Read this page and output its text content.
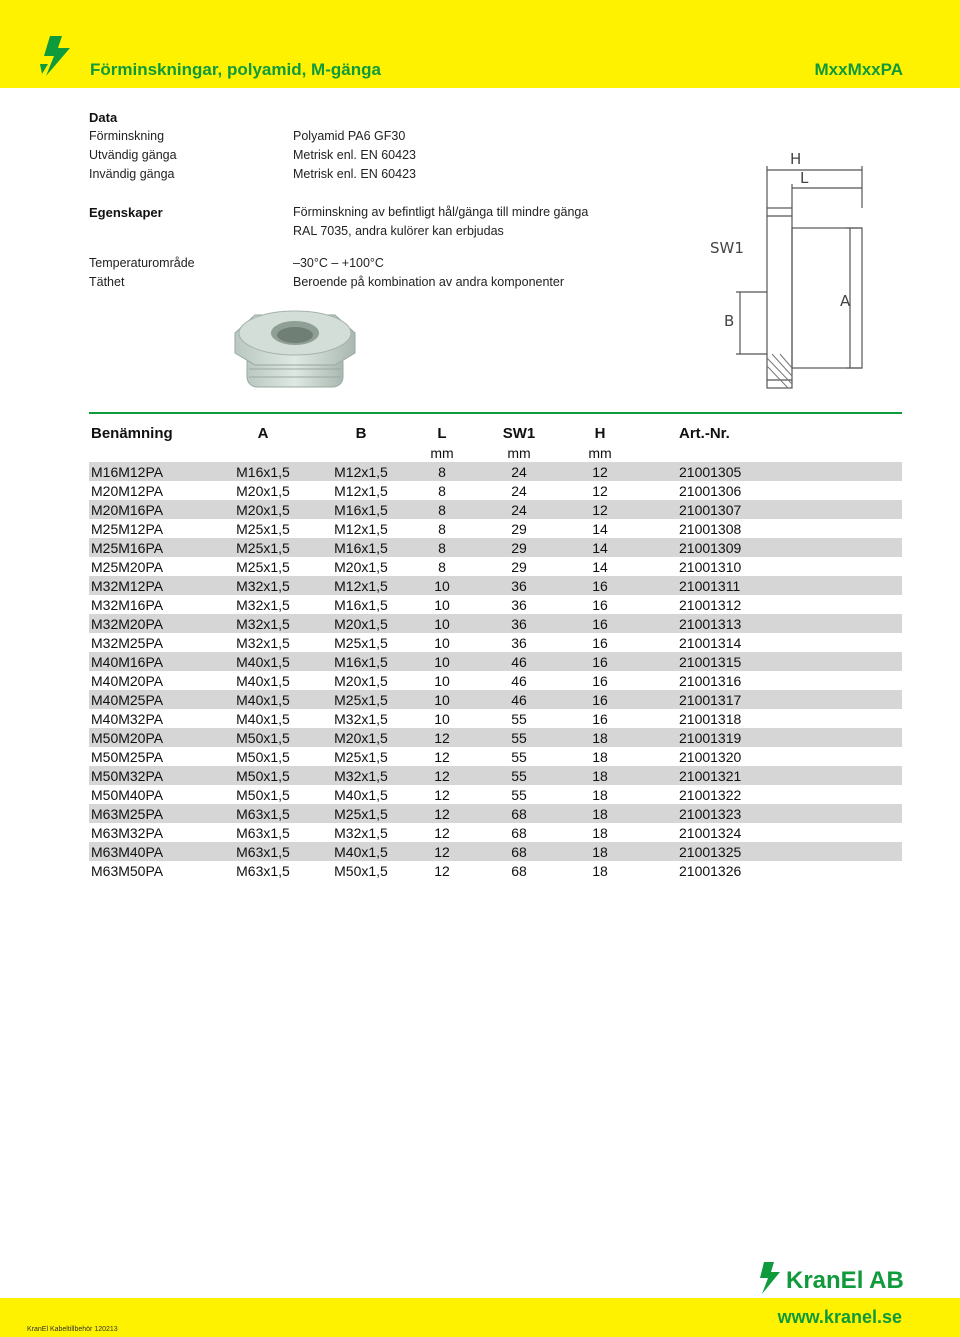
Förminskningar, polyamid, M-gänga	MxxMxxPA
Data
Förminskning	Polyamid PA6 GF30
Utvändig gänga	Metrisk enl. EN 60423
Invändig gänga	Metrisk enl. EN 60423
Egenskaper	Förminskning av befintligt hål/gänga till mindre gänga
RAL 7035, andra kulörer kan erbjudas
Temperaturområde	–30°C – +100°C
Täthet	Beroende på kombination av andra komponenter
H
L
SW1
B
A
Benämning	A	B	L	SW1	H	Art.-Nr.
			mm	mm	mm	
M16M12PA	M16x1,5	M12x1,5	8	24	12	21001305
M20M12PA	M20x1,5	M12x1,5	8	24	12	21001306
M20M16PA	M20x1,5	M16x1,5	8	24	12	21001307
M25M12PA	M25x1,5	M12x1,5	8	29	14	21001308
M25M16PA	M25x1,5	M16x1,5	8	29	14	21001309
M25M20PA	M25x1,5	M20x1,5	8	29	14	21001310
M32M12PA	M32x1,5	M12x1,5	10	36	16	21001311
M32M16PA	M32x1,5	M16x1,5	10	36	16	21001312
M32M20PA	M32x1,5	M20x1,5	10	36	16	21001313
M32M25PA	M32x1,5	M25x1,5	10	36	16	21001314
M40M16PA	M40x1,5	M16x1,5	10	46	16	21001315
M40M20PA	M40x1,5	M20x1,5	10	46	16	21001316
M40M25PA	M40x1,5	M25x1,5	10	46	16	21001317
M40M32PA	M40x1,5	M32x1,5	10	55	16	21001318
M50M20PA	M50x1,5	M20x1,5	12	55	18	21001319
M50M25PA	M50x1,5	M25x1,5	12	55	18	21001320
M50M32PA	M50x1,5	M32x1,5	12	55	18	21001321
M50M40PA	M50x1,5	M40x1,5	12	55	18	21001322
M63M25PA	M63x1,5	M25x1,5	12	68	18	21001323
M63M32PA	M63x1,5	M32x1,5	12	68	18	21001324
M63M40PA	M63x1,5	M40x1,5	12	68	18	21001325
M63M50PA	M63x1,5	M50x1,5	12	68	18	21001326
KranEl AB
KranEl Kabeltillbehör 120213
www.kranel.se
